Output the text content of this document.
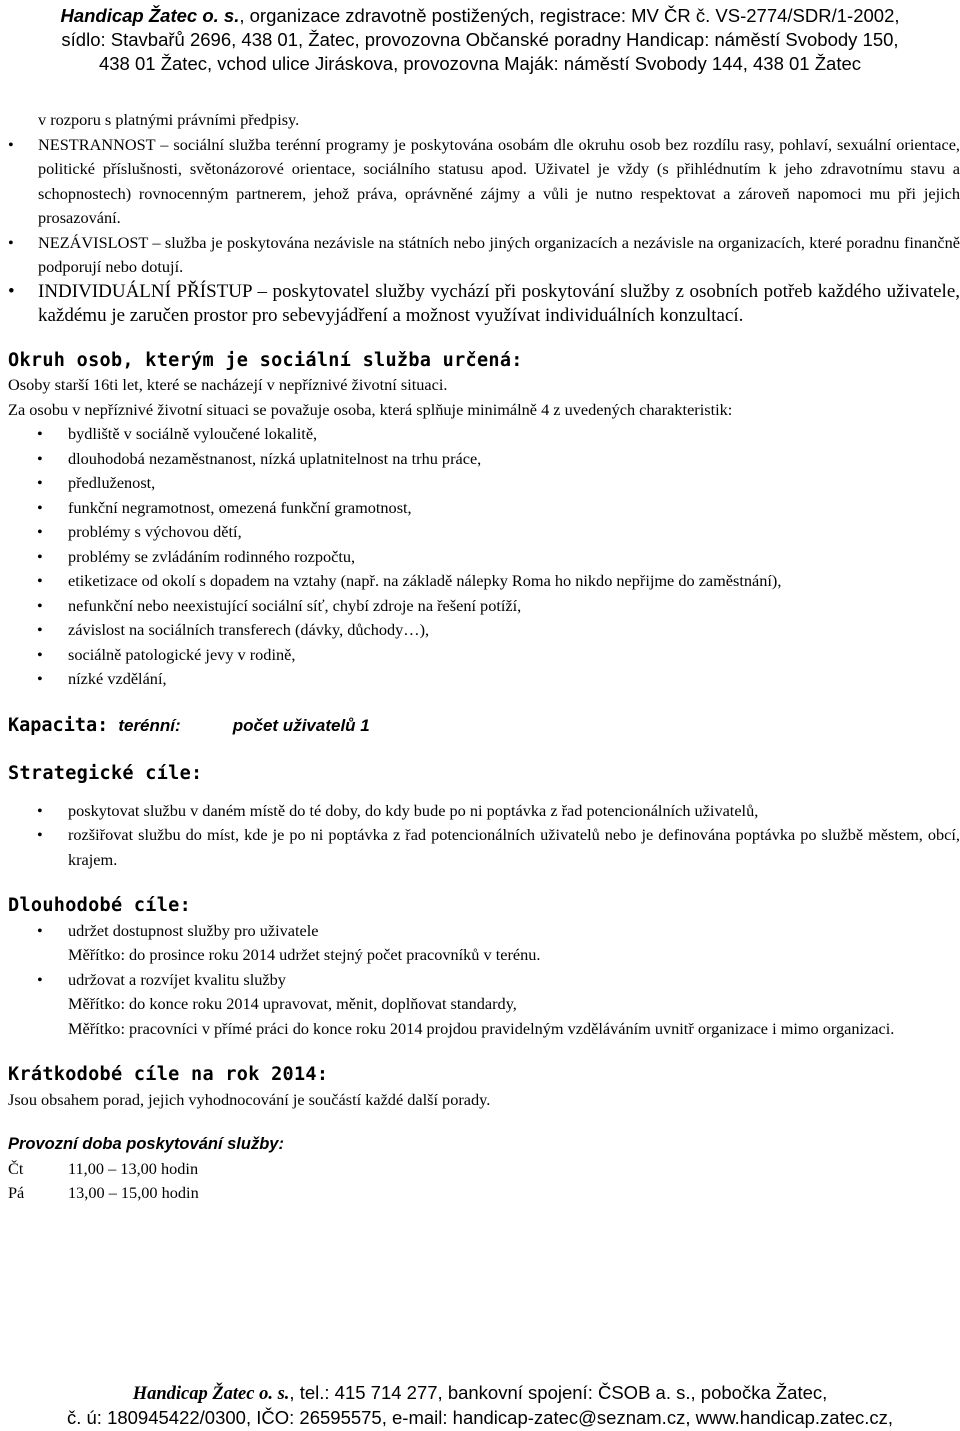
Handicap Žatec o. s., organizace zdravotně postižených, registrace: MV ČR č. VS-2774/SDR/1-2002,
sídlo: Stavbařů 2696, 438 01, Žatec, provozovna Občanské poradny Handicap: náměstí Svobody 150,
438 01 Žatec, vchod ulice Jiráskova, provozovna Maják: náměstí Svobody 144, 438 01 Žatec
v rozporu s platnými právními předpisy.
• NESTRANNOST – sociální služba terénní programy je poskytována osobám dle okruhu osob bez rozdílu rasy, pohlaví, sexuální orientace, politické příslušnosti, světonázorové orientace, sociálního statusu apod. Uživatel je vždy (s přihlédnutím k jeho zdravotnímu stavu a schopnostech) rovnocenným partnerem, jehož práva, oprávněné zájmy a vůli je nutno respektovat a zároveň napomoci mu při jejich prosazování.
• NEZÁVISLOST – služba je poskytována nezávisle na státních nebo jiných organizacích a nezávisle na organizacích, které poradnu finančně podporují nebo dotují.
• INDIVIDUÁLNÍ PŘÍSTUP – poskytovatel služby vychází při poskytování služby z osobních potřeb každého uživatele, každému je zaručen prostor pro sebevyjádření a možnost využívat individuálních konzultací.
Okruh osob, kterým je sociální služba určená:
Osoby starší 16ti let, které se nacházejí v nepříznivé životní situaci.
Za osobu v nepříznivé životní situaci se považuje osoba, která splňuje minimálně 4 z uvedených charakteristik:
• bydliště v sociálně vyloučené lokalitě,
• dlouhodobá nezaměstnanost, nízká uplatnitelnost na trhu práce,
• předluženost,
• funkční negramotnost, omezená funkční gramotnost,
• problémy s výchovou dětí,
• problémy se zvládáním rodinného rozpočtu,
• etiketizace od okolí s dopadem na vztahy (např. na základě nálepky Roma ho nikdo nepřijme do zaměstnání),
• nefunkční nebo neexistující sociální síť, chybí zdroje na řešení potíží,
• závislost na sociálních transferech (dávky, důchody…),
• sociálně patologické jevy v rodině,
• nízké vzdělání,
Kapacita: terénní:	počet uživatelů 1
Strategické cíle:
• poskytovat službu v daném místě do té doby, do kdy bude po ni poptávka z řad potencionálních uživatelů,
• rozšiřovat službu do míst, kde je po ni poptávka z řad potencionálních uživatelů nebo je definována poptávka po službě městem, obcí, krajem.
Dlouhodobé cíle:
• udržet dostupnost služby pro uživatele
Měřítko: do prosince roku 2014 udržet stejný počet pracovníků v terénu.
• udržovat a rozvíjet kvalitu služby
Měřítko: do konce roku 2014 upravovat, měnit, doplňovat standardy,
Měřítko: pracovníci v přímé práci do konce roku 2014 projdou pravidelným vzděláváním uvnitř organizace i mimo organizaci.
Krátkodobé cíle na rok 2014:
Jsou obsahem porad, jejich vyhodnocování je součástí každé další porady.
Provozní doba poskytování služby:
Čt	11,00 – 13,00 hodin
Pá	13,00 – 15,00 hodin
Handicap Žatec o. s., tel.: 415 714 277, bankovní spojení: ČSOB a. s., pobočka Žatec,
č. ú: 180945422/0300, IČO: 26595575, e-mail: handicap-zatec@seznam.cz, www.handicap.zatec.cz,
